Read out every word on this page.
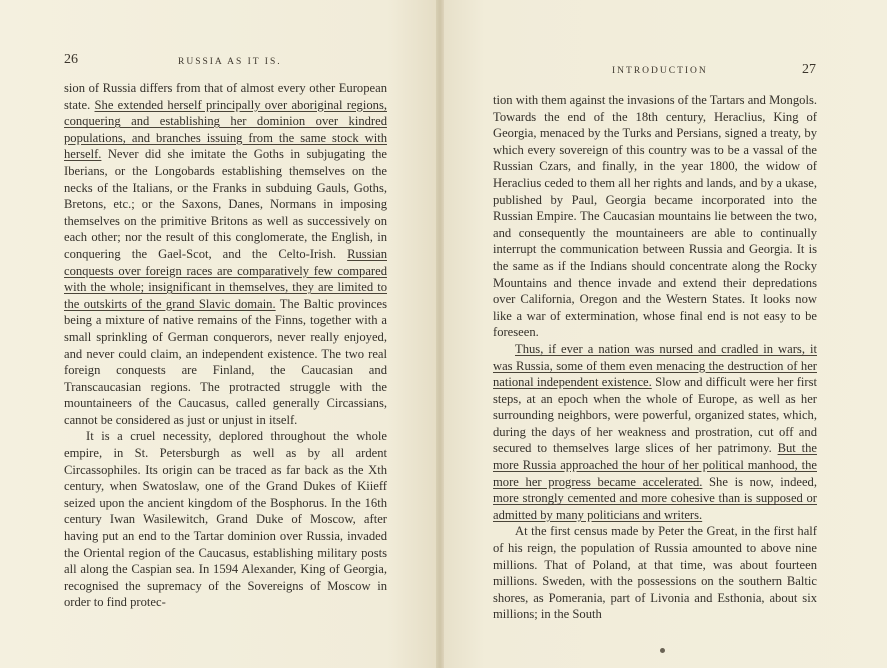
26	RUSSIA AS IT IS.
INTRODUCTION	27

sion of Russia differs from that of almost every other European state. She extended herself principally over aboriginal regions, conquering and establishing her dominion over kindred populations, and branches issuing from the same stock with herself. Never did she imitate the Goths in subjugating the Iberians, or the Longobards establishing themselves on the necks of the Italians, or the Franks in subduing Gauls, Goths, Bretons, etc.; or the Saxons, Danes, Normans in imposing themselves on the primitive Britons as well as successively on each other; nor the result of this conglomerate, the English, in conquering the Gael-Scot, and the Celto-Irish. Russian conquests over foreign races are comparatively few compared with the whole; insignificant in themselves, they are limited to the outskirts of the grand Slavic domain. The Baltic provinces being a mixture of native remains of the Finns, together with a small sprinkling of German conquerors, never really enjoyed, and never could claim, an independent existence. The two real foreign conquests are Finland, the Caucasian and Transcaucasian regions. The protracted struggle with the mountaineers of the Caucasus, called generally Circassians, cannot be considered as just or unjust in itself.

It is a cruel necessity, deplored throughout the whole empire, in St. Petersburgh as well as by all ardent Circassophiles. Its origin can be traced as far back as the Xth century, when Swatoslaw, one of the Grand Dukes of Kiieff seized upon the ancient kingdom of the Bosphorus. In the 16th century Iwan Wasilewitch, Grand Duke of Moscow, after having put an end to the Tartar dominion over Russia, invaded the Oriental region of the Caucasus, establishing military posts all along the Caspian sea. In 1594 Alexander, King of Georgia, recognised the supremacy of the Sovereigns of Moscow in order to find protec-

tion with them against the invasions of the Tartars and Mongols. Towards the end of the 18th century, Heraclius, King of Georgia, menaced by the Turks and Persians, signed a treaty, by which every sovereign of this country was to be a vassal of the Russian Czars, and finally, in the year 1800, the widow of Heraclius ceded to them all her rights and lands, and by a ukase, published by Paul, Georgia became incorporated into the Russian Empire. The Caucasian mountains lie between the two, and consequently the mountaineers are able to continually interrupt the communication between Russia and Georgia. It is the same as if the Indians should concentrate along the Rocky Mountains and thence invade and extend their depredations over California, Oregon and the Western States. It looks now like a war of extermination, whose final end is not easy to be foreseen.

Thus, if ever a nation was nursed and cradled in wars, it was Russia, some of them even menacing the destruction of her national independent existence. Slow and difficult were her first steps, at an epoch when the whole of Europe, as well as her surrounding neighbors, were powerful, organized states, which, during the days of her weakness and prostration, cut off and secured to themselves large slices of her patrimony. But the more Russia approached the hour of her political manhood, the more her progress became accelerated. She is now, indeed, more strongly cemented and more cohesive than is supposed or admitted by many politicians and writers.

At the first census made by Peter the Great, in the first half of his reign, the population of Russia amounted to above nine millions. That of Poland, at that time, was about fourteen millions. Sweden, with the possessions on the southern Baltic shores, as Pomerania, part of Livonia and Esthonia, about six millions; in the South
